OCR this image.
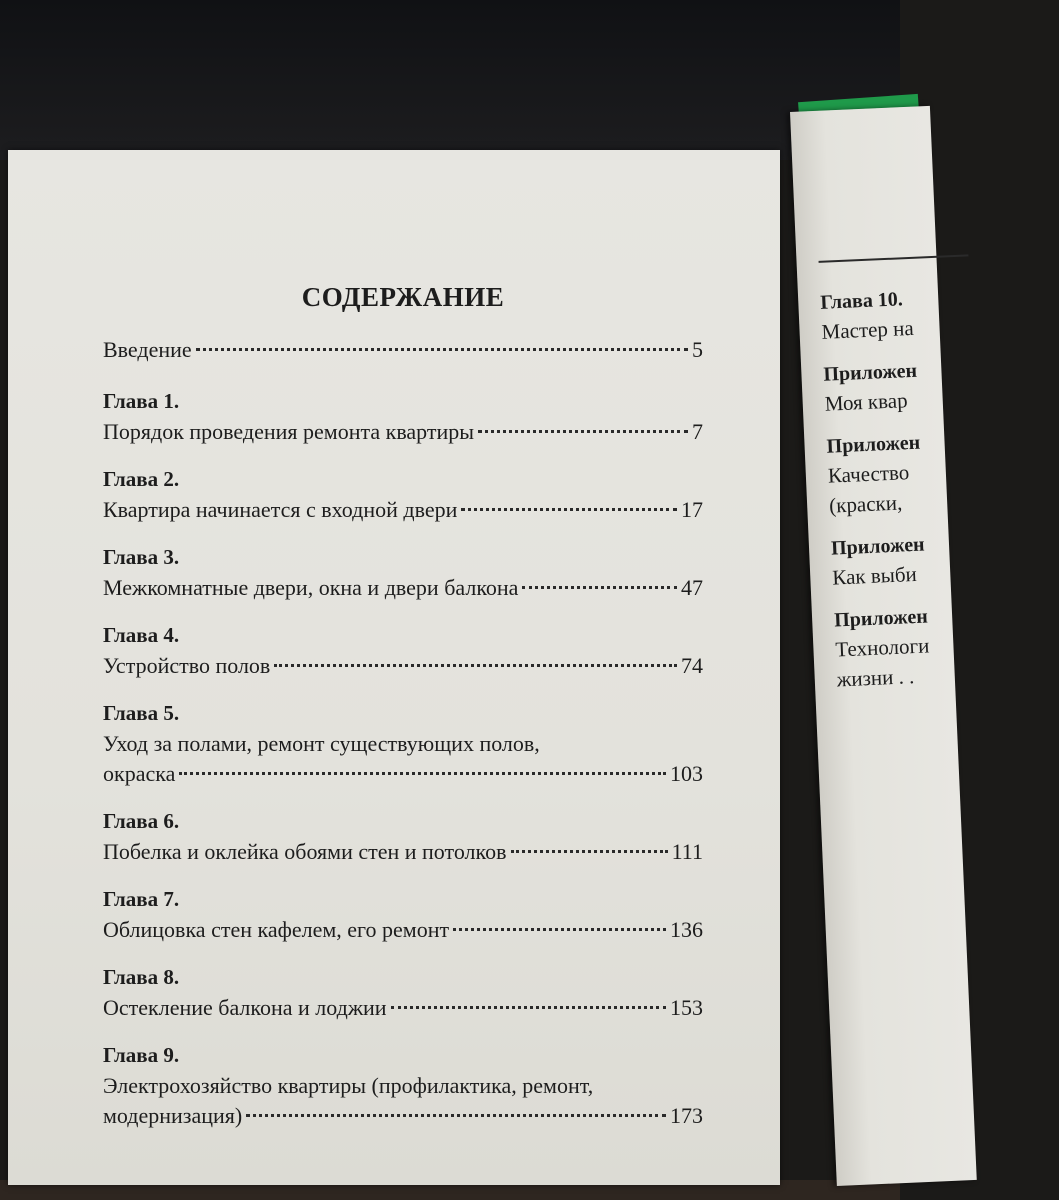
Глава 10.
Мастер на
Приложен
Моя квар
Приложен
Качество
(краски,
Приложен
Как выби
Приложен
Технологи
жизни . .
СОДЕРЖАНИЕ
Введение	5
Глава 1.
Порядок проведения ремонта квартиры	7
Глава 2.
Квартира начинается с входной двери	17
Глава 3.
Межкомнатные двери, окна и двери балкона	47
Глава 4.
Устройство полов	74
Глава 5.
Уход за полами, ремонт существующих полов,
окраска	103
Глава 6.
Побелка и оклейка обоями стен и потолков	111
Глава 7.
Облицовка стен кафелем, его ремонт	136
Глава 8.
Остекление балкона и лоджии	153
Глава 9.
Электрохозяйство квартиры (профилактика, ремонт,
модернизация)	173
